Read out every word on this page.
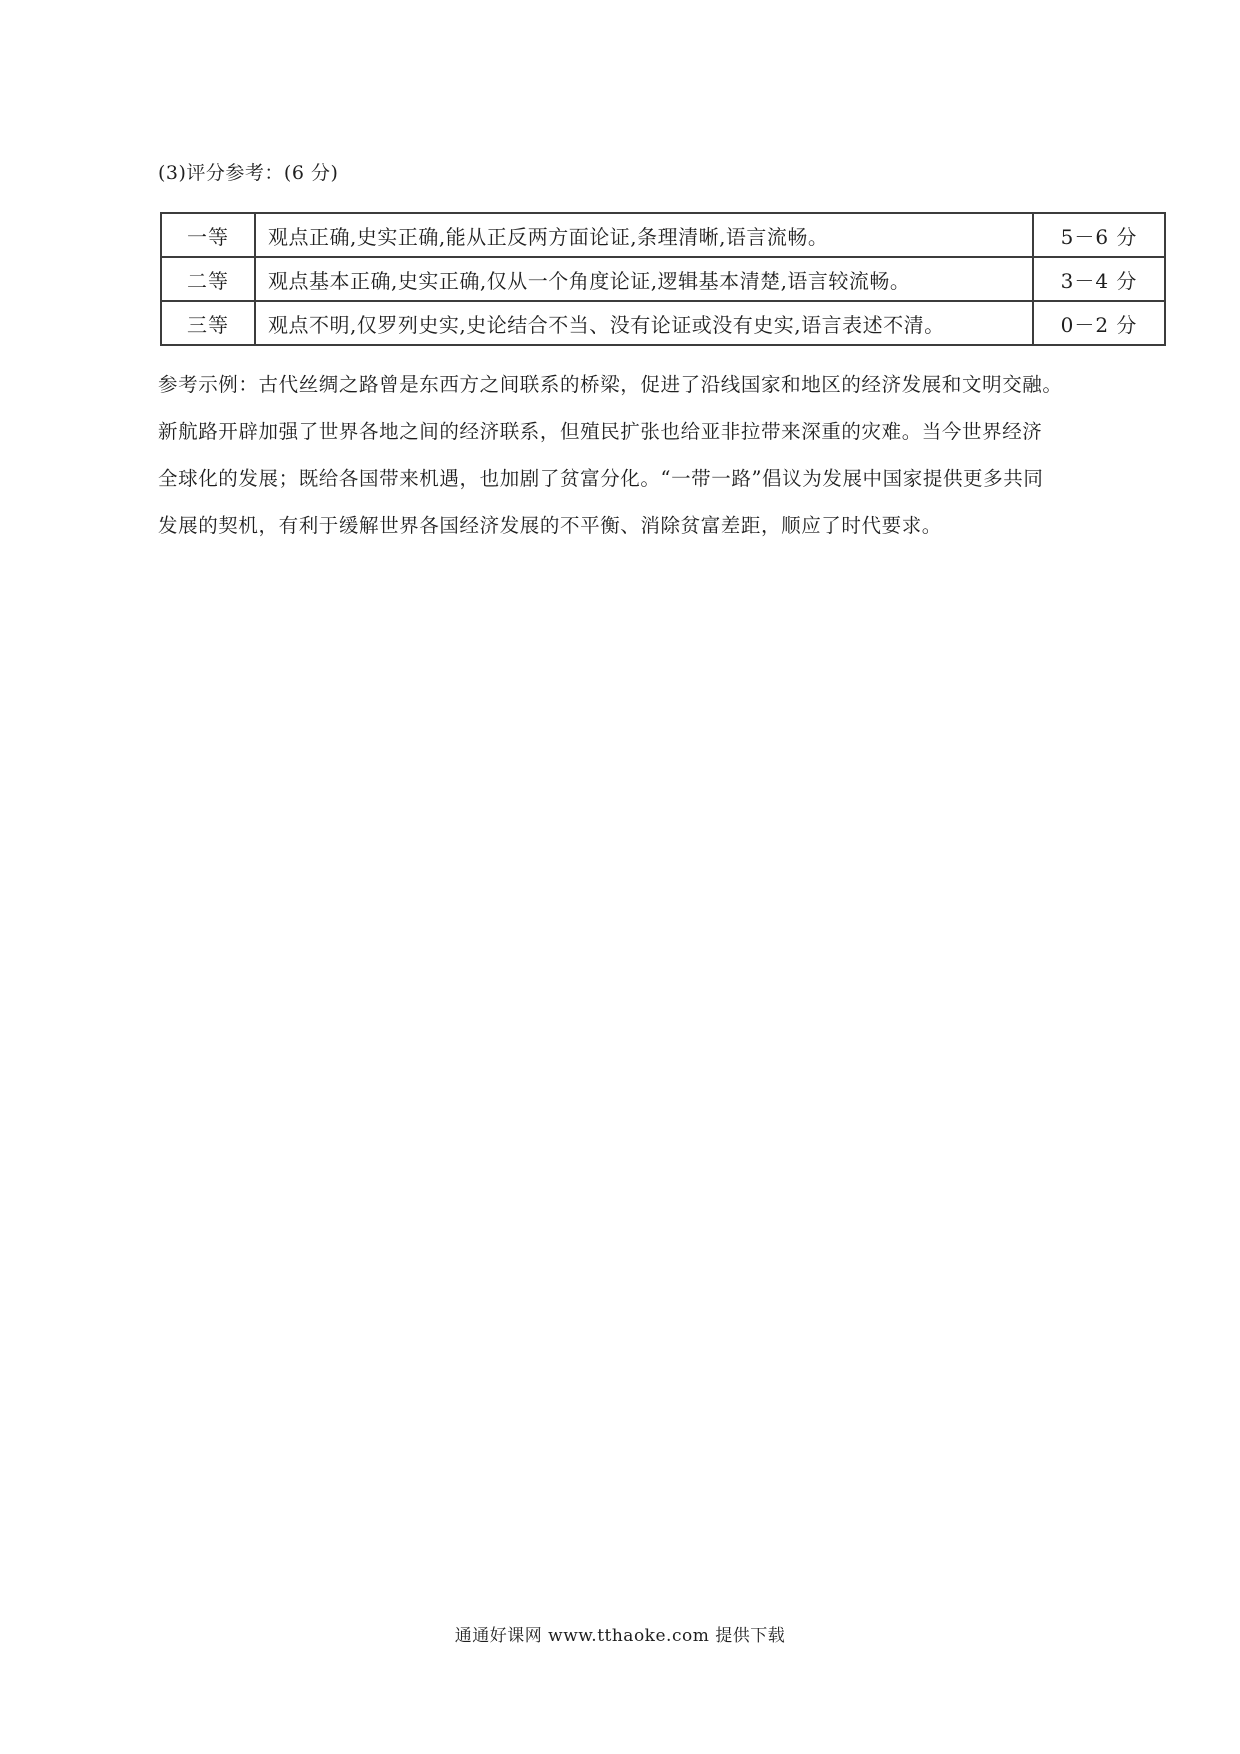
(3)评分参考：(6 分)
一等	观点正确,史实正确,能从正反两方面论证,条理清晰,语言流畅。	5－6 分
二等	观点基本正确,史实正确,仅从一个角度论证,逻辑基本清楚,语言较流畅。	3－4 分
三等	观点不明,仅罗列史实,史论结合不当、没有论证或没有史实,语言表述不清。	0－2 分

参考示例：古代丝绸之路曾是东西方之间联系的桥梁，促进了沿线国家和地区的经济发展和文明交融。

新航路开辟加强了世界各地之间的经济联系，但殖民扩张也给亚非拉带来深重的灾难。当今世界经济

全球化的发展；既给各国带来机遇，也加剧了贫富分化。“一带一路”倡议为发展中国家提供更多共同

发展的契机，有利于缓解世界各国经济发展的不平衡、消除贫富差距，顺应了时代要求。

通通好课网 www.tthaoke.com 提供下载
